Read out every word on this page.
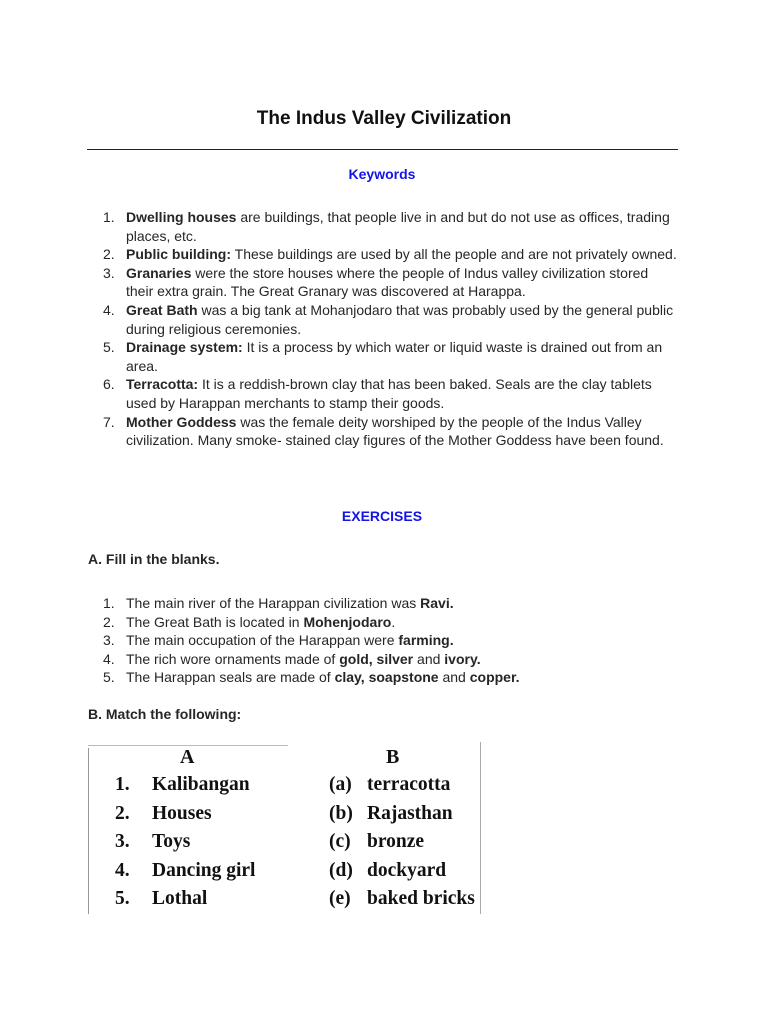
The Indus Valley Civilization
Keywords
1. Dwelling houses are buildings, that people live in and but do not use as offices, trading places, etc.
2. Public building: These buildings are used by all the people and are not privately owned.
3. Granaries were the store houses where the people of Indus valley civilization stored their extra grain. The Great Granary was discovered at Harappa.
4. Great Bath was a big tank at Mohanjodaro that was probably used by the general public during religious ceremonies.
5. Drainage system: It is a process by which water or liquid waste is drained out from an area.
6. Terracotta: It is a reddish-brown clay that has been baked. Seals are the clay tablets used by Harappan merchants to stamp their goods.
7. Mother Goddess was the female deity worshiped by the people of the Indus Valley civilization. Many smoke- stained clay figures of the Mother Goddess have been found.
EXERCISES
A. Fill in the blanks.
1. The main river of the Harappan civilization was Ravi.
2. The Great Bath is located in Mohenjodaro.
3. The main occupation of the Harappan were farming.
4. The rich wore ornaments made of gold, silver and ivory.
5. The Harappan seals are made of clay, soapstone and copper.
B. Match the following:
A	B
1. Kalibangan	(a) terracotta
2. Houses	(b) Rajasthan
3. Toys	(c) bronze
4. Dancing girl	(d) dockyard
5. Lothal	(e) baked bricks
